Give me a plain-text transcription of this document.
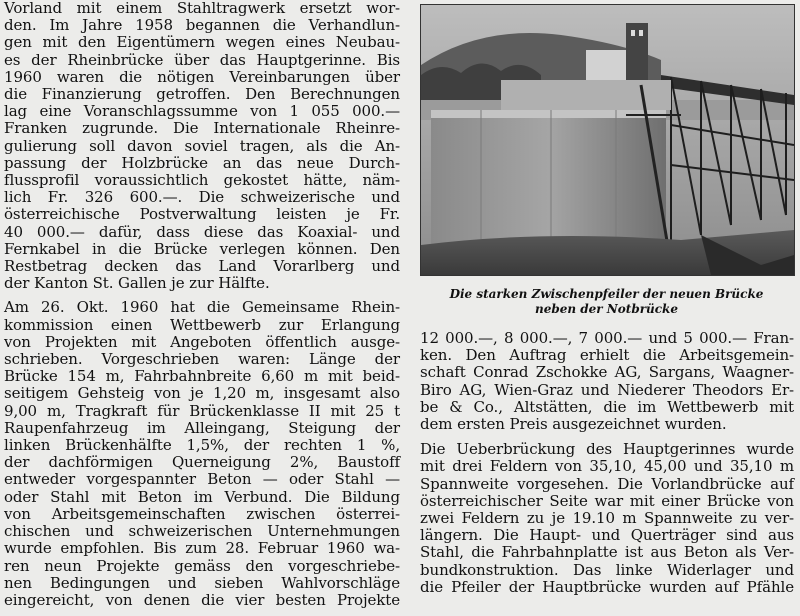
Vorland mit einem Stahltragwerk ersetzt wor-
den. Im Jahre 1958 begannen die Verhandlun-
gen mit den Eigentümern wegen eines Neubau-
es der Rheinbrücke über das Hauptgerinne. Bis
1960 waren die nötigen Vereinbarungen über
die Finanzierung getroffen. Den Berechnungen
lag eine Voranschlagssumme von 1 055 000.—
Franken zugrunde. Die Internationale Rheinre-
gulierung soll davon soviel tragen, als die An-
passung der Holzbrücke an das neue Durch-
flussprofil voraussichtlich gekostet hätte, näm-
lich Fr. 326 600.—. Die schweizerische und
österreichische Postverwaltung leisten je Fr.
40 000.— dafür, dass diese das Koaxial- und
Fernkabel in die Brücke verlegen können. Den
Restbetrag decken das Land Vorarlberg und
der Kanton St. Gallen je zur Hälfte.

Am 26. Okt. 1960 hat die Gemeinsame Rhein-
kommission einen Wettbewerb zur Erlangung
von Projekten mit Angeboten öffentlich ausge-
schrieben. Vorgeschrieben waren: Länge der
Brücke 154 m, Fahrbahnbreite 6,60 m mit beid-
seitigem Gehsteig von je 1,20 m, insgesamt also
9,00 m, Tragkraft für Brückenklasse II mit 25 t
Raupenfahrzeug im Alleingang, Steigung der
linken Brückenhälfte 1,5%, der rechten 1 %,
der dachförmigen Querneigung 2%, Baustoff
entweder vorgespannter Beton — oder Stahl —
oder Stahl mit Beton im Verbund. Die Bildung
von Arbeitsgemeinschaften zwischen österrei-
chischen und schweizerischen Unternehmungen
wurde empfohlen. Bis zum 28. Februar 1960 wa-
ren neun Projekte gemäss den vorgeschriebe-
nen Bedingungen und sieben Wahlvorschläge
eingereicht, von denen die vier besten Projekte

Die starken Zwischenpfeiler der neuen Brücke
neben der Notbrücke

12 000.—, 8 000.—, 7 000.— und 5 000.— Fran-
ken. Den Auftrag erhielt die Arbeitsgemein-
schaft Conrad Zschokke AG, Sargans, Waagner-
Biro AG, Wien-Graz und Niederer Theodors Er-
be & Co., Altstätten, die im Wettbewerb mit
dem ersten Preis ausgezeichnet wurden.

Die Ueberbrückung des Hauptgerinnes wurde
mit drei Feldern von 35,10, 45,00 und 35,10 m
Spannweite vorgesehen. Die Vorlandbrücke auf
österreichischer Seite war mit einer Brücke von
zwei Feldern zu je 19.10 m Spannweite zu ver-
längern. Die Haupt- und Querträger sind aus
Stahl, die Fahrbahnplatte ist aus Beton als Ver-
bundkonstruktion. Das linke Widerlager und
die Pfeiler der Hauptbrücke wurden auf Pfähle
